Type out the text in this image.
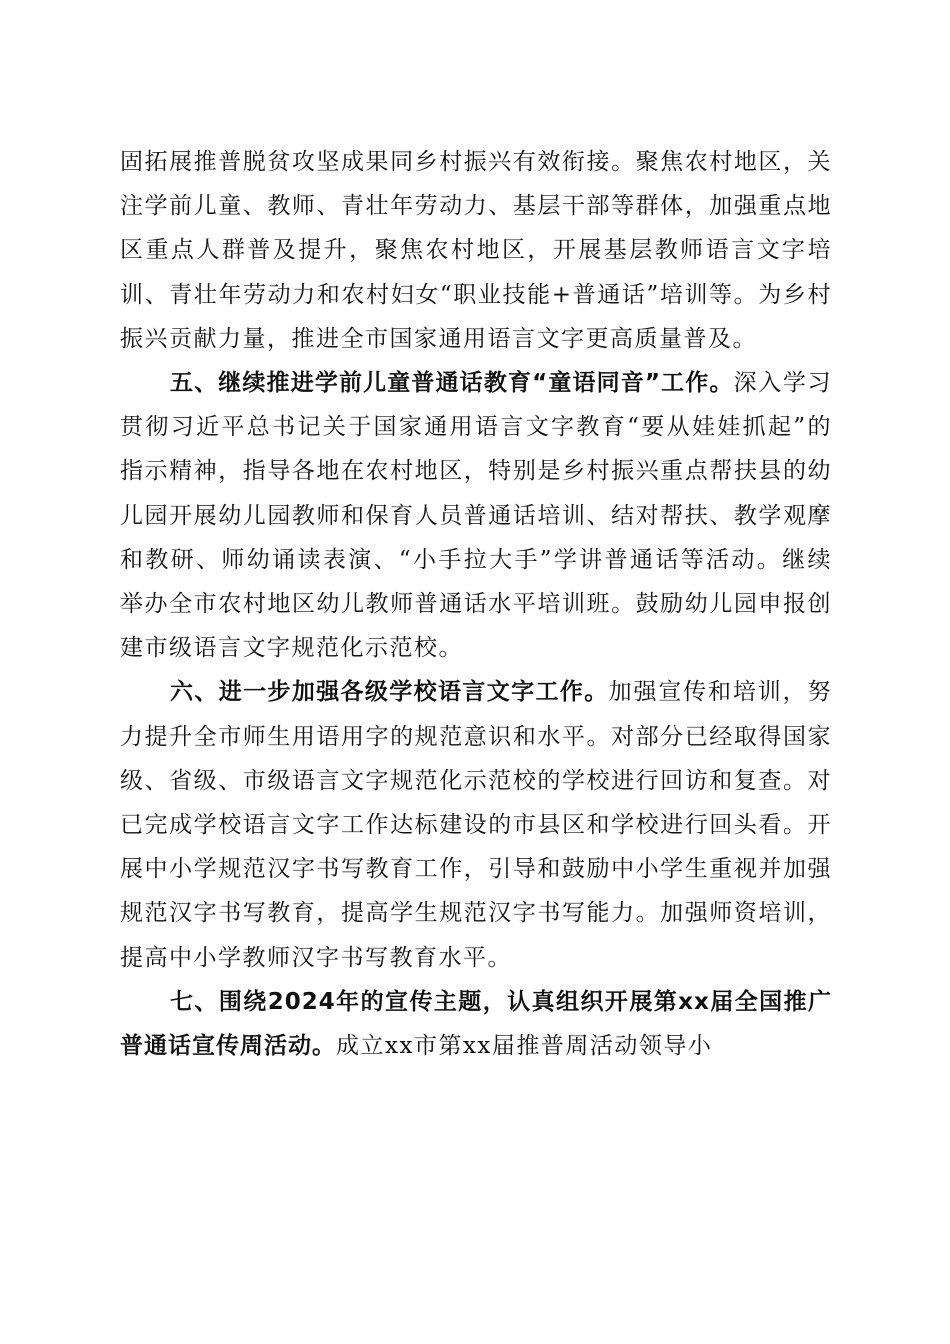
固拓展推普脱贫攻坚成果同乡村振兴有效衔接。聚焦农村地区，关注学前儿童、教师、青壮年劳动力、基层干部等群体，加强重点地区重点人群普及提升，聚焦农村地区，开展基层教师语言文字培训、青壮年劳动力和农村妇女“职业技能+普通话”培训等。为乡村振兴贡献力量，推进全市国家通用语言文字更高质量普及。

五、继续推进学前儿童普通话教育“童语同音”工作。深入学习贯彻习近平总书记关于国家通用语言文字教育“要从娃娃抓起”的指示精神，指导各地在农村地区，特别是乡村振兴重点帮扶县的幼儿园开展幼儿园教师和保育人员普通话培训、结对帮扶、教学观摩和教研、师幼诵读表演、“小手拉大手”学讲普通话等活动。继续举办全市农村地区幼儿教师普通话水平培训班。鼓励幼儿园申报创建市级语言文字规范化示范校。

六、进一步加强各级学校语言文字工作。加强宣传和培训，努力提升全市师生用语用字的规范意识和水平。对部分已经取得国家级、省级、市级语言文字规范化示范校的学校进行回访和复查。对已完成学校语言文字工作达标建设的市县区和学校进行回头看。开展中小学规范汉字书写教育工作，引导和鼓励中小学生重视并加强规范汉字书写教育，提高学生规范汉字书写能力。加强师资培训，提高中小学教师汉字书写教育水平。

七、围绕2024年的宣传主题，认真组织开展第xx届全国推广普通话宣传周活动。成立xx市第xx届推普周活动领导小
